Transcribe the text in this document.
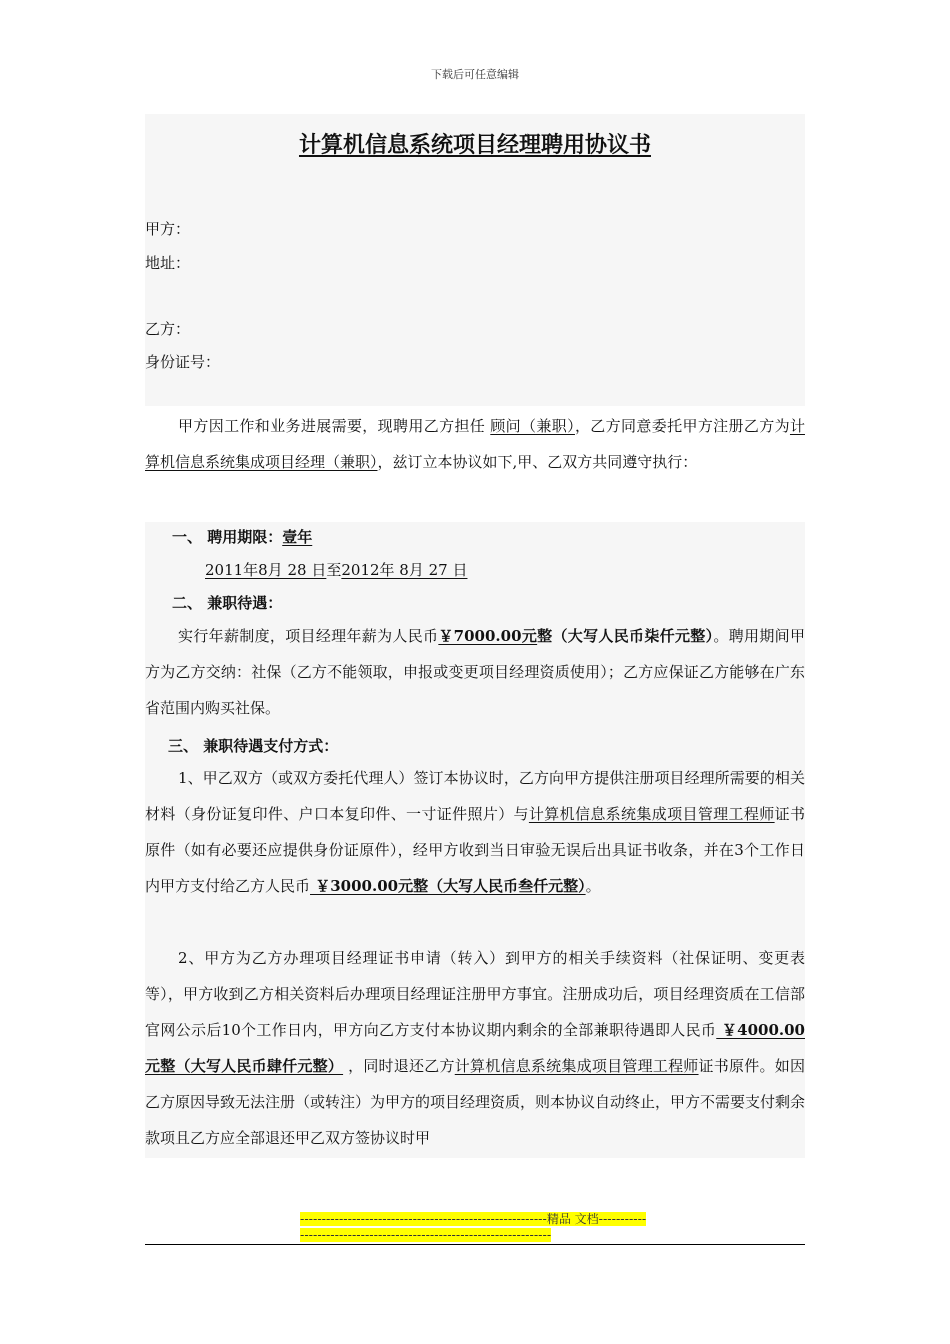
下载后可任意编辑
计算机信息系统项目经理聘用协议书
甲方：
地址：
乙方：
身份证号：
甲方因工作和业务进展需要，现聘用乙方担任 顾问（兼职），乙方同意委托甲方注册乙方为计算机信息系统集成项目经理（兼职），兹订立本协议如下,甲、乙双方共同遵守执行：
一、 聘用期限：壹年
2011年8月 28 日至2012年 8月 27 日
二、 兼职待遇：
实行年薪制度，项目经理年薪为人民币￥7000.00元整（大写人民币柒仟元整）。聘用期间甲方为乙方交纳：社保（乙方不能领取，申报或变更项目经理资质使用）；乙方应保证乙方能够在广东省范围内购买社保。
三、 兼职待遇支付方式：
1、甲乙双方（或双方委托代理人）签订本协议时，乙方向甲方提供注册项目经理所需要的相关材料（身份证复印件、户口本复印件、一寸证件照片）与计算机信息系统集成项目管理工程师证书原件（如有必要还应提供身份证原件），经甲方收到当日审验无误后出具证书收条，并在3个工作日内甲方支付给乙方人民币 ￥3000.00元整（大写人民币叁仟元整）。
2、甲方为乙方办理项目经理证书申请（转入）到甲方的相关手续资料（社保证明、变更表等），甲方收到乙方相关资料后办理项目经理证注册甲方事宜。注册成功后，项目经理资质在工信部官网公示后10个工作日内，甲方向乙方支付本协议期内剩余的全部兼职待遇即人民币 ￥4000.00元整（大写人民币肆仟元整） ，同时退还乙方计算机信息系统集成项目管理工程师证书原件。如因乙方原因导致无法注册（或转注）为甲方的项目经理资质，则本协议自动终止，甲方不需要支付剩余款项且乙方应全部退还甲乙双方签协议时甲
---------------------------------------------------------精品 文档---------------------------------------------------------------------
